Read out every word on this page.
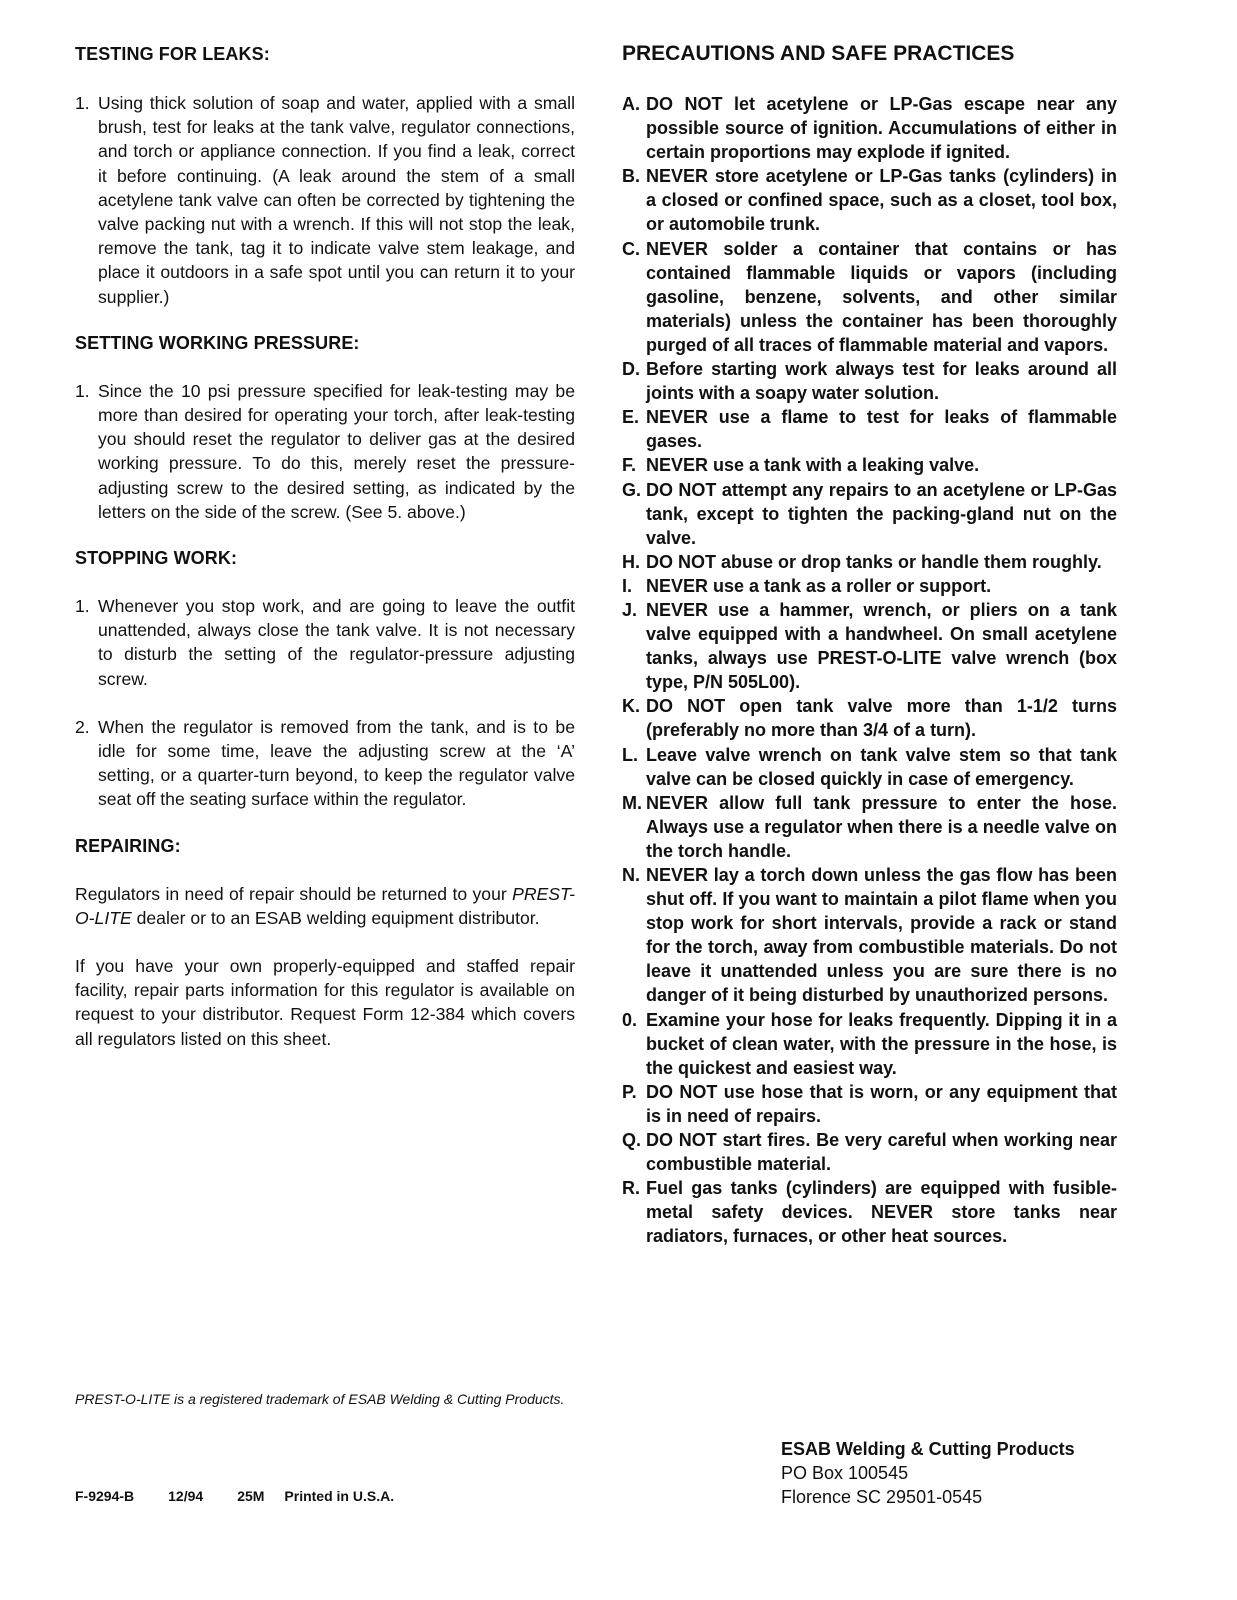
TESTING FOR LEAKS:

1. Using thick solution of soap and water, applied with a small brush, test for leaks at the tank valve, regulator connections, and torch or appliance connection. If you find a leak, correct it before continuing. (A leak around the stem of a small acetylene tank valve can often be corrected by tightening the valve packing nut with a wrench. If this will not stop the leak, remove the tank, tag it to indicate valve stem leakage, and place it outdoors in a safe spot until you can return it to your supplier.)

SETTING WORKING PRESSURE:

1. Since the 10 psi pressure specified for leak-testing may be more than desired for operating your torch, after leak-testing you should reset the regulator to deliver gas at the desired working pressure. To do this, merely reset the pressure-adjusting screw to the desired setting, as indicated by the letters on the side of the screw. (See 5. above.)

STOPPING WORK:

1. Whenever you stop work, and are going to leave the outfit unattended, always close the tank valve. It is not necessary to disturb the setting of the regulator-pressure adjusting screw.
2. When the regulator is removed from the tank, and is to be idle for some time, leave the adjusting screw at the ‘A’ setting, or a quarter-turn beyond, to keep the regulator valve seat off the seating surface within the regulator.

REPAIRING:

Regulators in need of repair should be returned to your PREST-O-LITE dealer or to an ESAB welding equipment distributor.

If you have your own properly-equipped and staffed repair facility, repair parts information for this regulator is available on request to your distributor. Request Form 12-384 which covers all regulators listed on this sheet.

PRECAUTIONS AND SAFE PRACTICES

A. DO NOT let acetylene or LP-Gas escape near any possible source of ignition. Accumulations of either in certain proportions may explode if ignited.
B. NEVER store acetylene or LP-Gas tanks (cylinders) in a closed or confined space, such as a closet, tool box, or automobile trunk.
C. NEVER solder a container that contains or has contained flammable liquids or vapors (including gasoline, benzene, solvents, and other similar materials) unless the container has been thoroughly purged of all traces of flammable material and vapors.
D. Before starting work always test for leaks around all joints with a soapy water solution.
E. NEVER use a flame to test for leaks of flammable gases.
F. NEVER use a tank with a leaking valve.
G. DO NOT attempt any repairs to an acetylene or LP-Gas tank, except to tighten the packing-gland nut on the valve.
H. DO NOT abuse or drop tanks or handle them roughly.
I. NEVER use a tank as a roller or support.
J. NEVER use a hammer, wrench, or pliers on a tank valve equipped with a handwheel. On small acetylene tanks, always use PREST-O-LITE valve wrench (box type, P/N 505L00).
K. DO NOT open tank valve more than 1-1/2 turns (preferably no more than 3/4 of a turn).
L. Leave valve wrench on tank valve stem so that tank valve can be closed quickly in case of emergency.
M. NEVER allow full tank pressure to enter the hose. Always use a regulator when there is a needle valve on the torch handle.
N. NEVER lay a torch down unless the gas flow has been shut off. If you want to maintain a pilot flame when you stop work for short intervals, provide a rack or stand for the torch, away from combustible materials. Do not leave it unattended unless you are sure there is no danger of it being disturbed by unauthorized persons.
0. Examine your hose for leaks frequently. Dipping it in a bucket of clean water, with the pressure in the hose, is the quickest and easiest way.
P. DO NOT use hose that is worn, or any equipment that is in need of repairs.
Q. DO NOT start fires. Be very careful when working near combustible material.
R. Fuel gas tanks (cylinders) are equipped with fusible-metal safety devices. NEVER store tanks near radiators, furnaces, or other heat sources.
PREST-O-LITE is a registered trademark of ESAB Welding & Cutting Products.
F-9294-B 12/94 25M Printed in U.S.A.
ESAB Welding & Cutting Products
PO Box 100545
Florence SC 29501-0545
